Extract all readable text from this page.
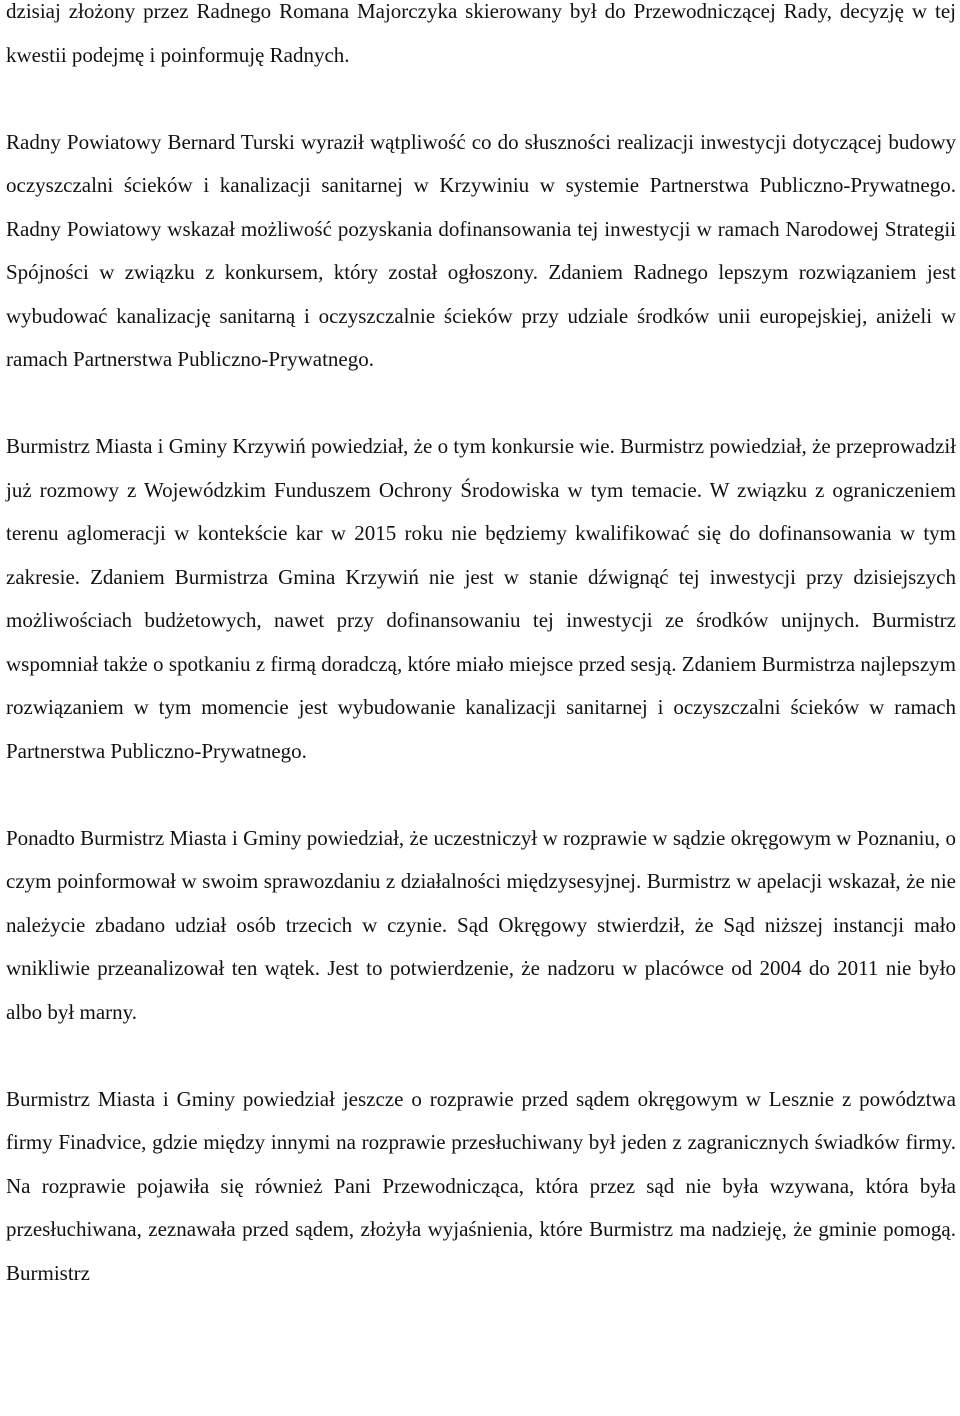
dzisiaj złożony przez Radnego Romana Majorczyka skierowany był do Przewodniczącej Rady, decyzję w tej kwestii podejmę i poinformuję Radnych.

Radny Powiatowy Bernard Turski wyraził wątpliwość co do słuszności realizacji inwestycji dotyczącej budowy oczyszczalni ścieków i kanalizacji sanitarnej w Krzywiniu w systemie Partnerstwa Publiczno-Prywatnego. Radny Powiatowy wskazał możliwość pozyskania dofinansowania tej inwestycji w ramach Narodowej Strategii Spójności w związku z konkursem, który został ogłoszony. Zdaniem Radnego lepszym rozwiązaniem jest wybudować kanalizację sanitarną i oczyszczalnie ścieków przy udziale środków unii europejskiej, aniżeli w ramach Partnerstwa Publiczno-Prywatnego.

Burmistrz Miasta i Gminy Krzywiń powiedział, że o tym konkursie wie. Burmistrz powiedział, że przeprowadził już rozmowy z Wojewódzkim Funduszem Ochrony Środowiska w tym temacie. W związku z ograniczeniem terenu aglomeracji w kontekście kar w 2015 roku nie będziemy kwalifikować się do dofinansowania w tym zakresie. Zdaniem Burmistrza Gmina Krzywiń nie jest w stanie dźwignąć tej inwestycji przy dzisiejszych możliwościach budżetowych, nawet przy dofinansowaniu tej inwestycji ze środków unijnych. Burmistrz wspomniał także o spotkaniu z firmą doradczą, które miało miejsce przed sesją. Zdaniem Burmistrza najlepszym rozwiązaniem w tym momencie jest wybudowanie kanalizacji sanitarnej i oczyszczalni ścieków w ramach Partnerstwa Publiczno-Prywatnego.

Ponadto Burmistrz Miasta i Gminy powiedział, że uczestniczył w rozprawie w sądzie okręgowym w Poznaniu, o czym poinformował w swoim sprawozdaniu z działalności międzysesyjnej. Burmistrz w apelacji wskazał, że nie należycie zbadano udział osób trzecich w czynie. Sąd Okręgowy stwierdził, że Sąd niższej instancji mało wnikliwie przeanalizował ten wątek. Jest to potwierdzenie, że nadzoru w placówce od 2004 do 2011 nie było albo był marny.

Burmistrz Miasta i Gminy powiedział jeszcze o rozprawie przed sądem okręgowym w Lesznie z powództwa firmy Finadvice, gdzie między innymi na rozprawie przesłuchiwany był jeden z zagranicznych świadków firmy. Na rozprawie pojawiła się również Pani Przewodnicząca, która przez sąd nie była wzywana, która była przesłuchiwana, zeznawała przed sądem, złożyła wyjaśnienia, które Burmistrz ma nadzieję, że gminie pomogą. Burmistrz
